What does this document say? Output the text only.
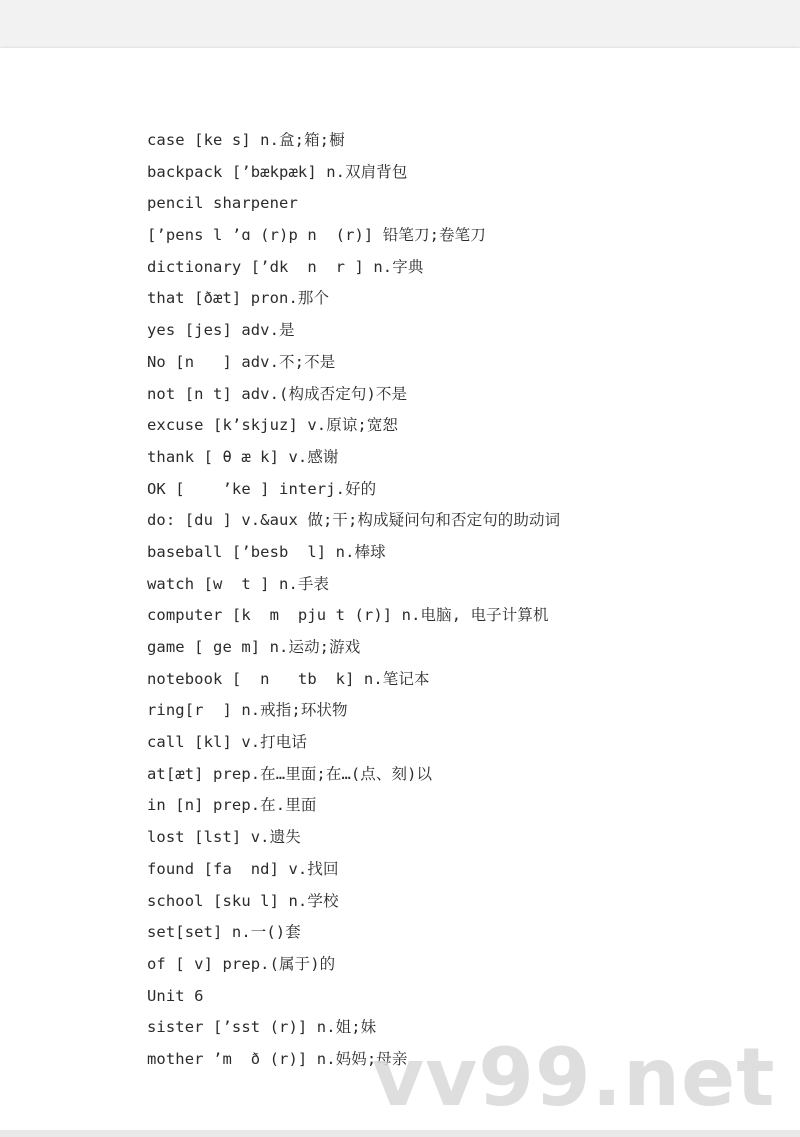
case [ke s] n.盒;箱;橱
backpack [’bækpæk] n.双肩背包
pencil sharpener
[’pens l ’ɑ (r)p n  (r)] 铅笔刀;卷笔刀
dictionary [’dk  n  r ] n.字典
that [ðæt] pron.那个
yes [jes] adv.是
No [n   ] adv.不;不是
not [n t] adv.(构成否定句)不是
excuse [k’skjuz] v.原谅;宽恕
thank [ θ æ k] v.感谢
OK [    ’ke ] interj.好的
do: [du ] v.&aux 做;干;构成疑问句和否定句的助动词
baseball [’besb  l] n.棒球
watch [w  t ] n.手表
computer [k  m  pju t (r)] n.电脑, 电子计算机
game [ ge m] n.运动;游戏
notebook [  n   tb  k] n.笔记本
ring[r  ] n.戒指;环状物
call [kl] v.打电话
at[æt] prep.在…里面;在…(点、刻)以
in [n] prep.在.里面
lost [lst] v.遗失
found [fa  nd] v.找回
school [sku l] n.学校
set[set] n.一()套
of [ v] prep.(属于)的
Unit 6
sister [’sst (r)] n.姐;妹
mother ’m  ð (r)] n.妈妈;母亲
vv99.net
